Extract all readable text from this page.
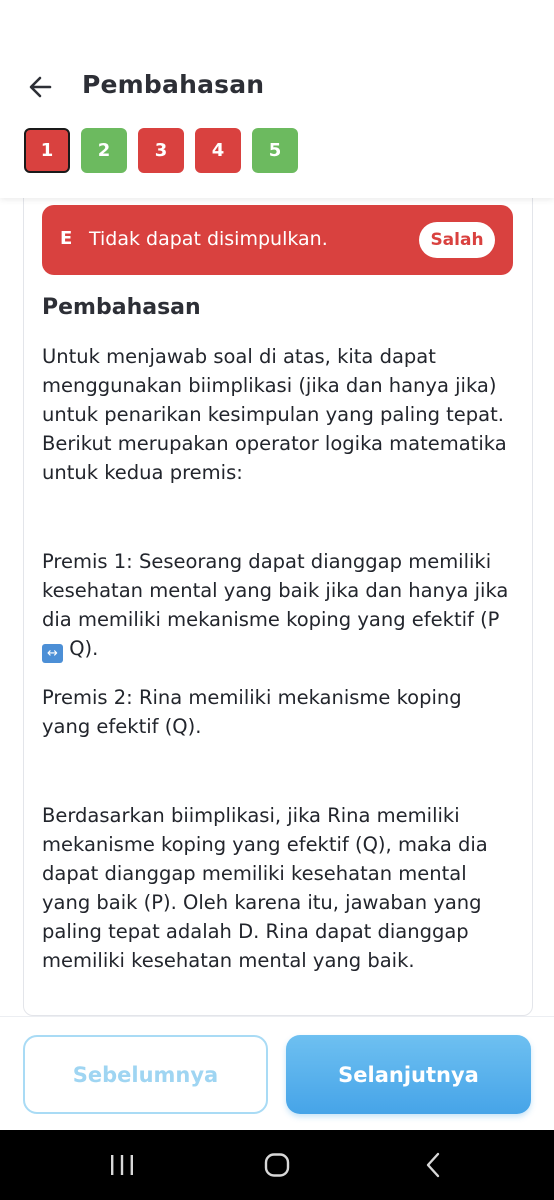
Pembahasan
1	2	3	4	5
E Tidak dapat disimpulkan.	Salah
Pembahasan
Untuk menjawab soal di atas, kita dapat menggunakan biimplikasi (jika dan hanya jika) untuk penarikan kesimpulan yang paling tepat. Berikut merupakan operator logika matematika untuk kedua premis:
Premis 1: Seseorang dapat dianggap memiliki kesehatan mental yang baik jika dan hanya jika dia memiliki mekanisme koping yang efektif (P ↔ Q).
Premis 2: Rina memiliki mekanisme koping yang efektif (Q).
Berdasarkan biimplikasi, jika Rina memiliki mekanisme koping yang efektif (Q), maka dia dapat dianggap memiliki kesehatan mental yang baik (P). Oleh karena itu, jawaban yang paling tepat adalah D. Rina dapat dianggap memiliki kesehatan mental yang baik.
Sebelumnya	Selanjutnya
